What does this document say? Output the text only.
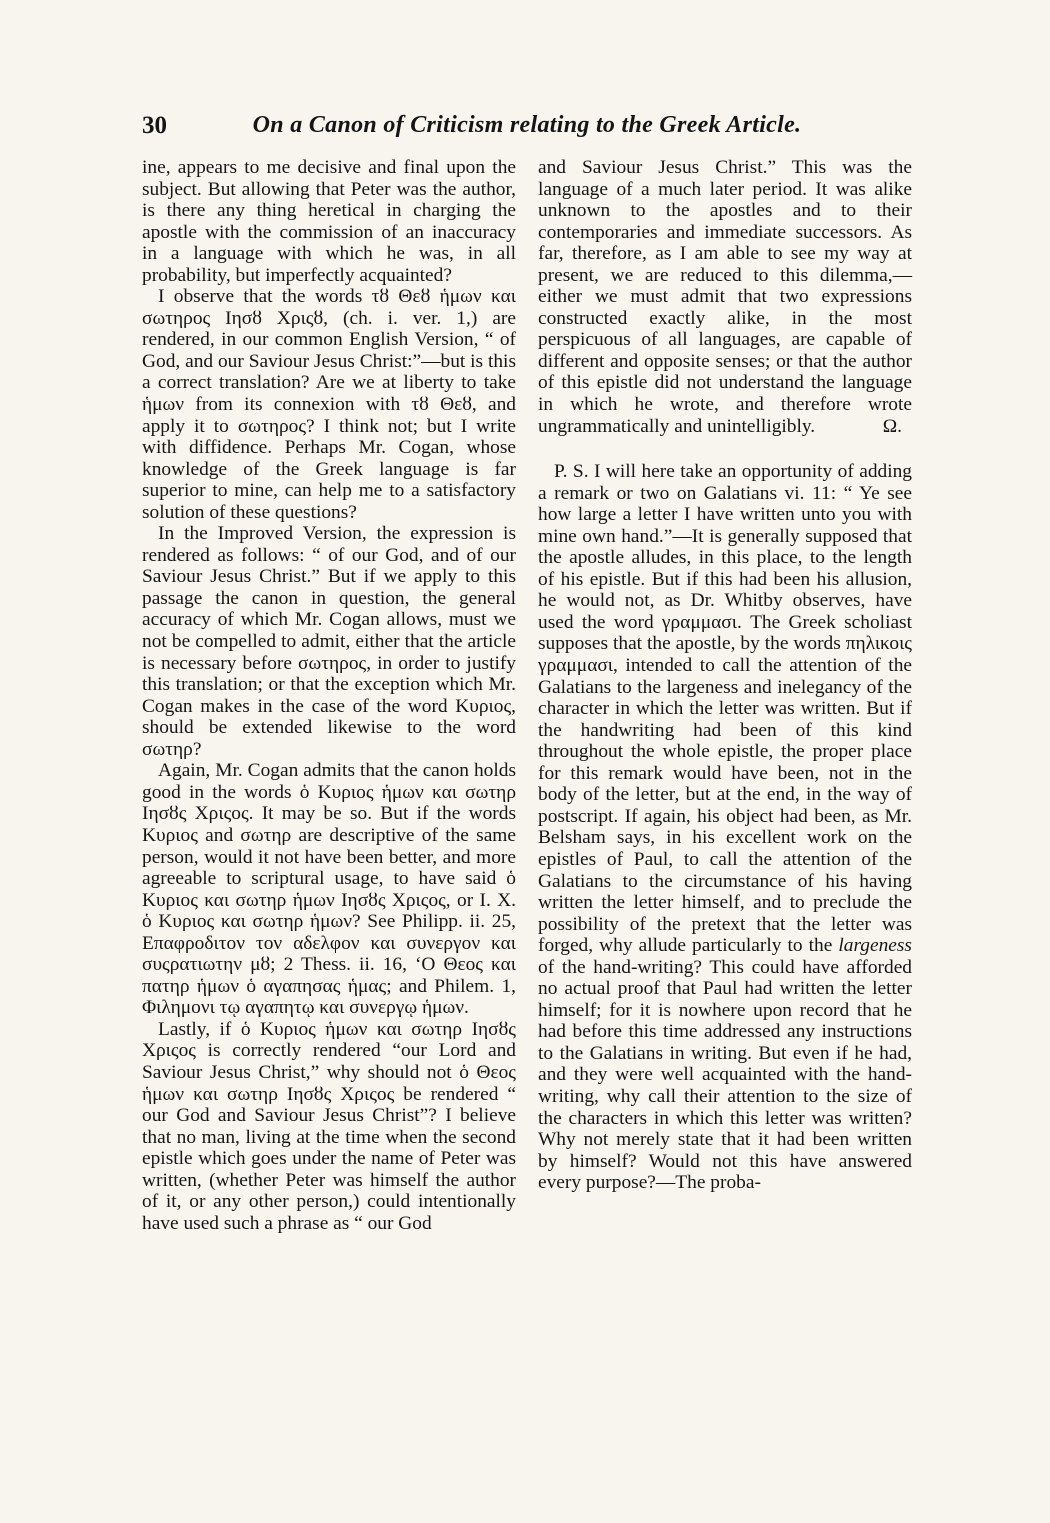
30	On a Canon of Criticism relating to the Greek Article.

ine, appears to me decisive and final upon the subject. But allowing that Peter was the author, is there any thing heretical in charging the apostle with the commission of an inaccuracy in a language with which he was, in all probability, but imperfectly acquainted?

I observe that the words τȣ Θεȣ ἡμων και σωτηρος Iησȣ Χριςȣ, (ch. i. ver. 1,) are rendered, in our common English Version, “ of God, and our Saviour Jesus Christ:”—but is this a correct translation? Are we at liberty to take ἡμων from its connexion with τȣ Θεȣ, and apply it to σωτηρος? I think not; but I write with diffidence. Perhaps Mr. Cogan, whose knowledge of the Greek language is far superior to mine, can help me to a satisfactory solution of these questions?

In the Improved Version, the expression is rendered as follows: “ of our God, and of our Saviour Jesus Christ.” But if we apply to this passage the canon in question, the general accuracy of which Mr. Cogan allows, must we not be compelled to admit, either that the article is necessary before σωτηρος, in order to justify this translation; or that the exception which Mr. Cogan makes in the case of the word Κυριος, should be extended likewise to the word σωτηρ?

Again, Mr. Cogan admits that the canon holds good in the words ὁ Κυριος ἡμων και σωτηρ Iησȣς Χριςος. It may be so. But if the words Κυριος and σωτηρ are descriptive of the same person, would it not have been better, and more agreeable to scriptural usage, to have said ὁ Κυριος και σωτηρ ἡμων Iησȣς Χριςος, or I. X. ὁ Κυριος και σωτηρ ἡμων? See Philipp. ii. 25, Επαφροδιτον τον αδελφον και συνεργον και συςρατιωτην μȣ; 2 Thess. ii. 16, ‘Ο Θεος και πατηρ ἡμων ὁ αγαπησας ἡμας; and Philem. 1, Φιλημονι τῳ αγαπητῳ και συνεργῳ ἡμων.

Lastly, if ὁ Κυριος ἡμων και σωτηρ Iησȣς Χριςος is correctly rendered “our Lord and Saviour Jesus Christ,” why should not ὁ Θεος ἡμων και σωτηρ Iησȣς Χριςος be rendered “ our God and Saviour Jesus Christ”? I believe that no man, living at the time when the second epistle which goes under the name of Peter was written, (whether Peter was himself the author of it, or any other person,) could intentionally have used such a phrase as “ our God

and Saviour Jesus Christ.” This was the language of a much later period. It was alike unknown to the apostles and to their contemporaries and immediate successors. As far, therefore, as I am able to see my way at present, we are reduced to this dilemma,—either we must admit that two expressions constructed exactly alike, in the most perspicuous of all languages, are capable of different and opposite senses; or that the author of this epistle did not understand the language in which he wrote, and therefore wrote ungrammatically and unintelligibly.	Ω.

P. S. I will here take an opportunity of adding a remark or two on Galatians vi. 11: “ Ye see how large a letter I have written unto you with mine own hand.”—It is generally supposed that the apostle alludes, in this place, to the length of his epistle. But if this had been his allusion, he would not, as Dr. Whitby observes, have used the word γραμμασι. The Greek scholiast supposes that the apostle, by the words πηλικοις γραμμασι, intended to call the attention of the Galatians to the largeness and inelegancy of the character in which the letter was written. But if the handwriting had been of this kind throughout the whole epistle, the proper place for this remark would have been, not in the body of the letter, but at the end, in the way of postscript. If again, his object had been, as Mr. Belsham says, in his excellent work on the epistles of Paul, to call the attention of the Galatians to the circumstance of his having written the letter himself, and to preclude the possibility of the pretext that the letter was forged, why allude particularly to the largeness of the hand-writing? This could have afforded no actual proof that Paul had written the letter himself; for it is nowhere upon record that he had before this time addressed any instructions to the Galatians in writing. But even if he had, and they were well acquainted with the hand-writing, why call their attention to the size of the characters in which this letter was written? Why not merely state that it had been written by himself? Would not this have answered every purpose?—The proba-
